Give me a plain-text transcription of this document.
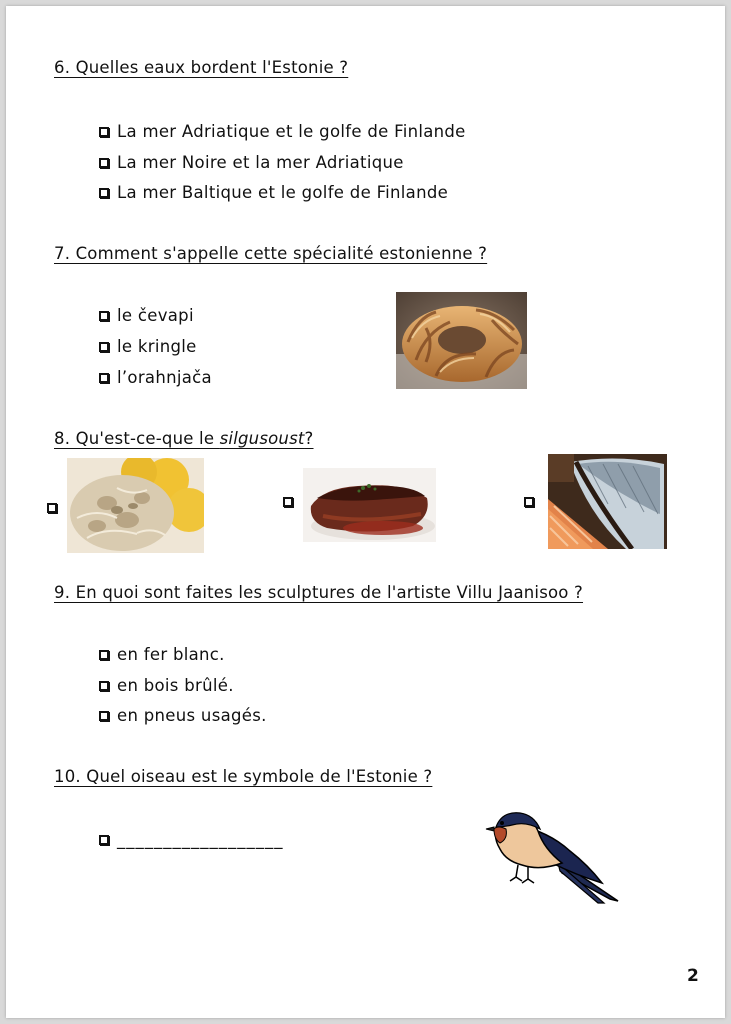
6. Quelles eaux bordent l'Estonie ?
La mer Adriatique et le golfe de Finlande
La mer Noire et la mer Adriatique
La mer Baltique et le golfe de Finlande
7. Comment s'appelle cette spécialité estonienne ?
le čevapi
le kringle
l’orahnjača
8. Qu'est-ce-que le silgusoust?
9. En quoi sont faites les sculptures de l'artiste Villu Jaanisoo ?
en fer blanc.
en bois brûlé.
en pneus usagés.
10. Quel oiseau est le symbole de l'Estonie ?
__________________
2
